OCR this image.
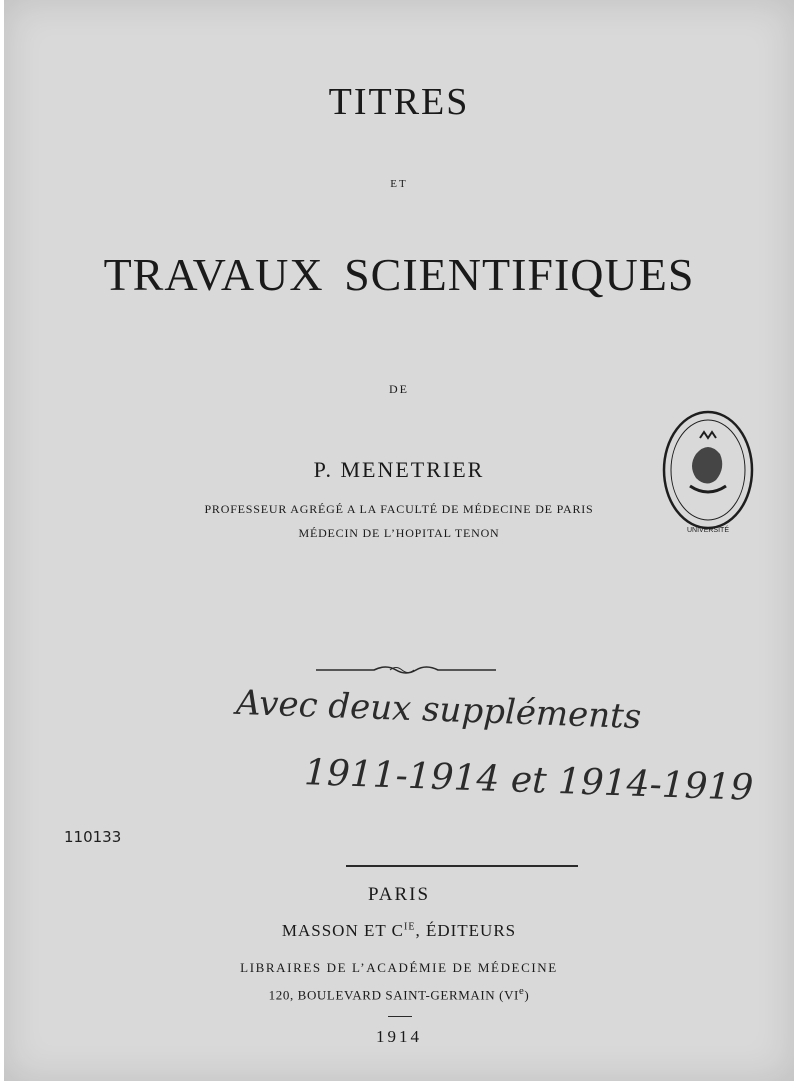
TITRES
ET
TRAVAUX SCIENTIFIQUES
DE
P. MENETRIER
PROFESSEUR AGRÉGÉ A LA FACULTÉ DE MÉDECINE DE PARIS
MÉDECIN DE L’HOPITAL TENON	UNIVERSITÉ
Avec deux suppléments
1911-1914 et 1914-1919
110133
PARIS
MASSON ET $C^{IE}$, ÉDITEURS
LIBRAIRES DE L’ACADÉMIE DE MÉDECINE
120, BOULEVARD SAINT-GERMAIN (VIe)
1914
